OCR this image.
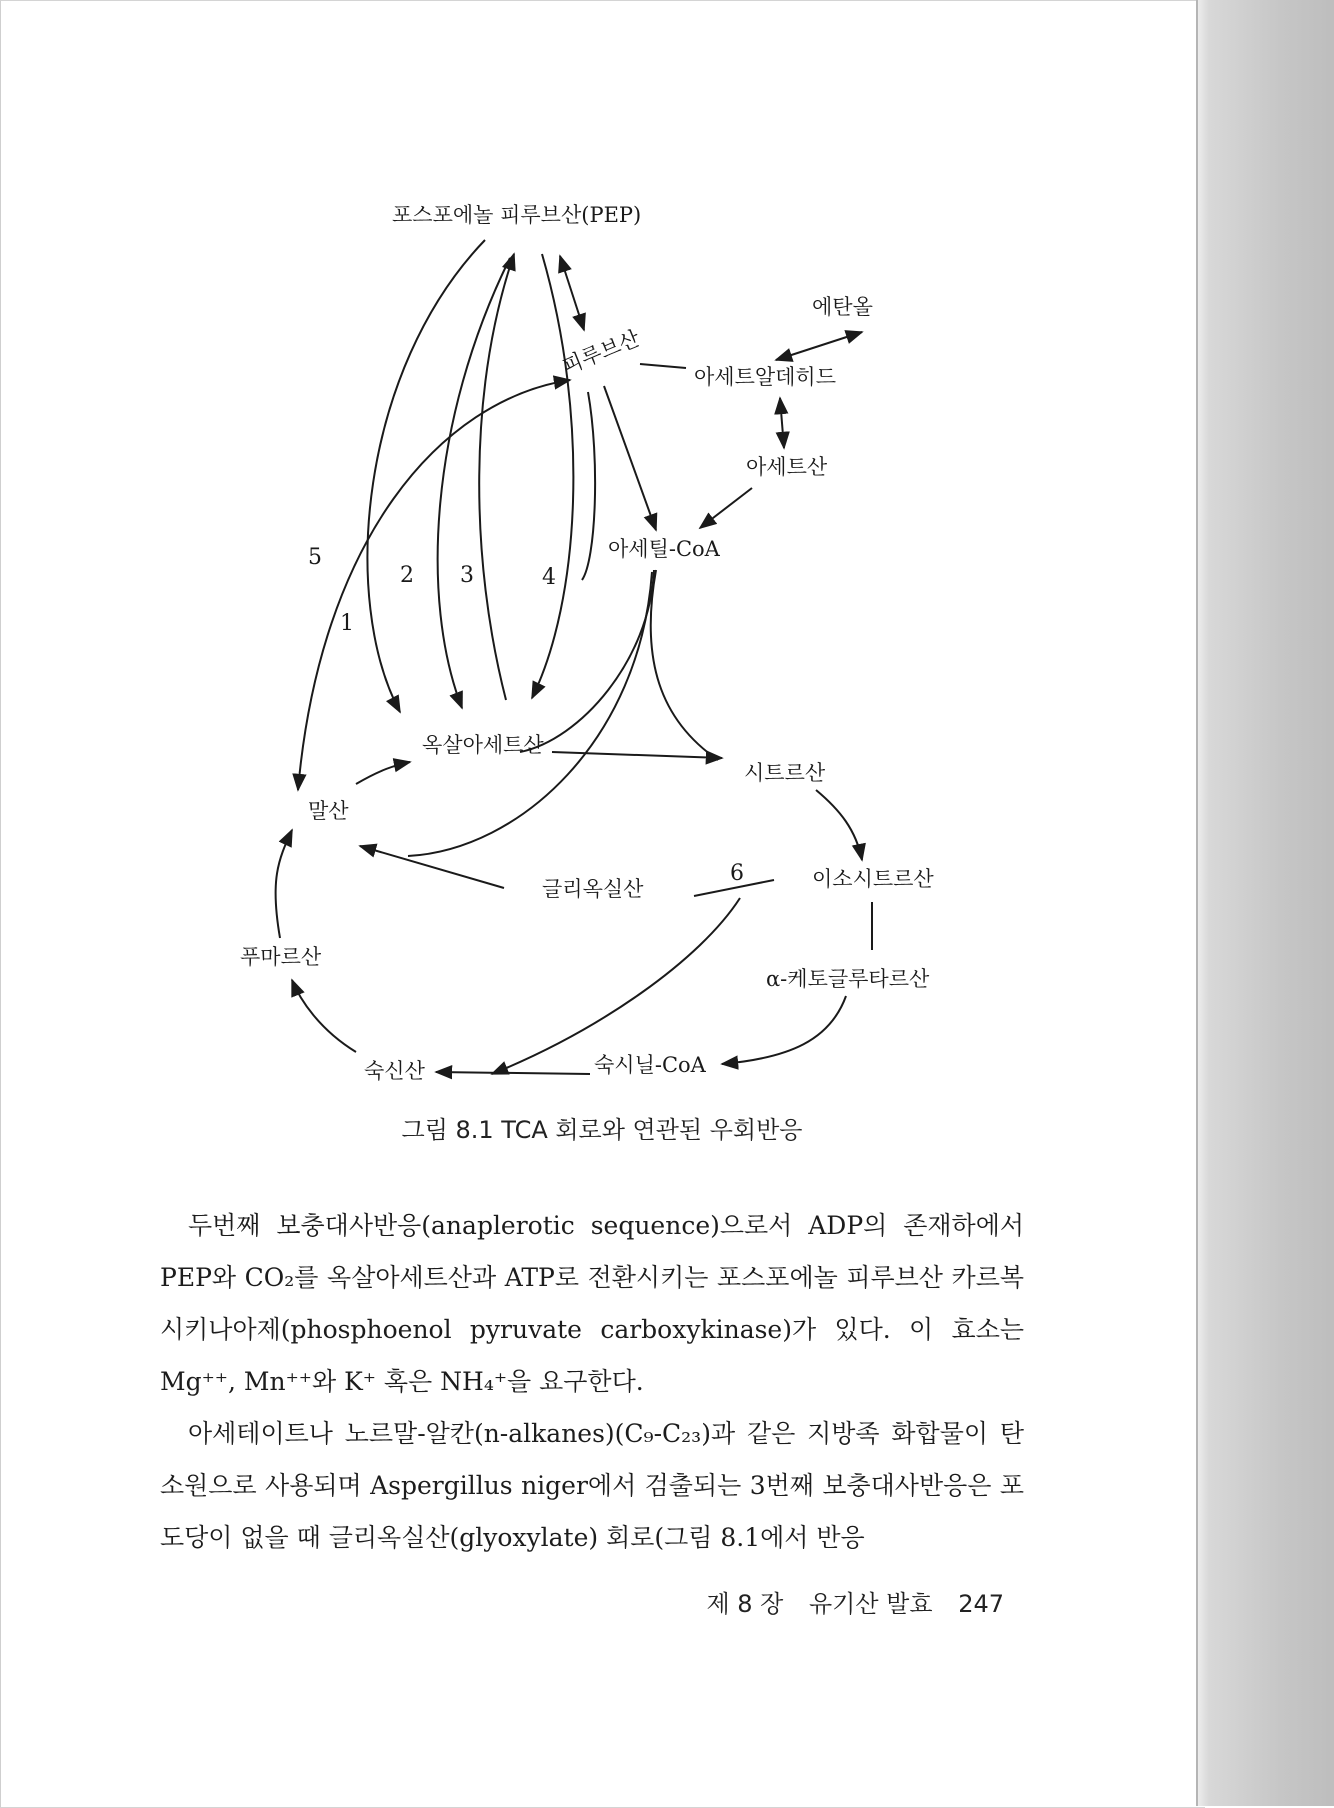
포스포에놀 피루브산(PEP)
피루브산
에탄올
아세트알데히드
아세트산
아세틸-CoA
옥살아세트산
시트르산
말산
글리옥실산	이소시트르산
푸마르산
α-케토글루타르산
숙신산	숙시닐-CoA
1
2 3	4
5
6
그림 8.1 TCA 회로와 연관된 우회반응

두번째 보충대사반응(anaplerotic sequence)으로서 ADP의 존재하에서 PEP와 CO₂를 옥살아세트산과 ATP로 전환시키는 포스포에놀 피루브산 카르복시키나아제(phosphoenol pyruvate carboxykinase)가 있다. 이 효소는 Mg⁺⁺, Mn⁺⁺와 K⁺ 혹은 NH₄⁺을 요구한다.

아세테이트나 노르말-알칸(n-alkanes)(C₉-C₂₃)과 같은 지방족 화합물이 탄소원으로 사용되며 Aspergillus niger에서 검출되는 3번째 보충대사반응은 포도당이 없을 때 글리옥실산(glyoxylate) 회로(그림 8.1에서 반응

제 8 장 유기산 발효 247
